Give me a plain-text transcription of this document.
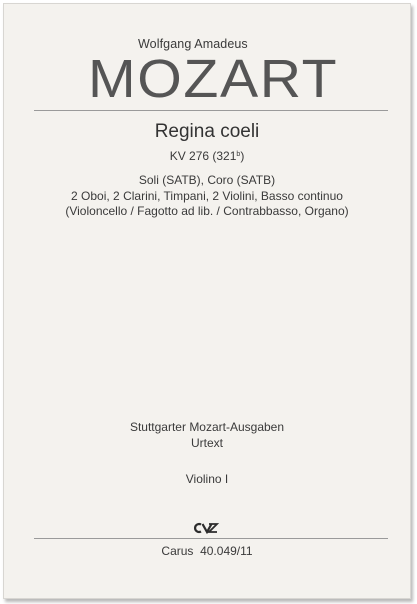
Wolfgang Amadeus
MOZART
Regina coeli
KV 276 (321$^b$)
Soli (SATB), Coro (SATB)
2 Oboi, 2 Clarini, Timpani, 2 Violini, Basso continuo
(Violoncello / Fagotto ad lib. / Contrabbasso, Organo)
Stuttgarter Mozart-Ausgaben
Urtext
Violino I
Carus  40.049/11
